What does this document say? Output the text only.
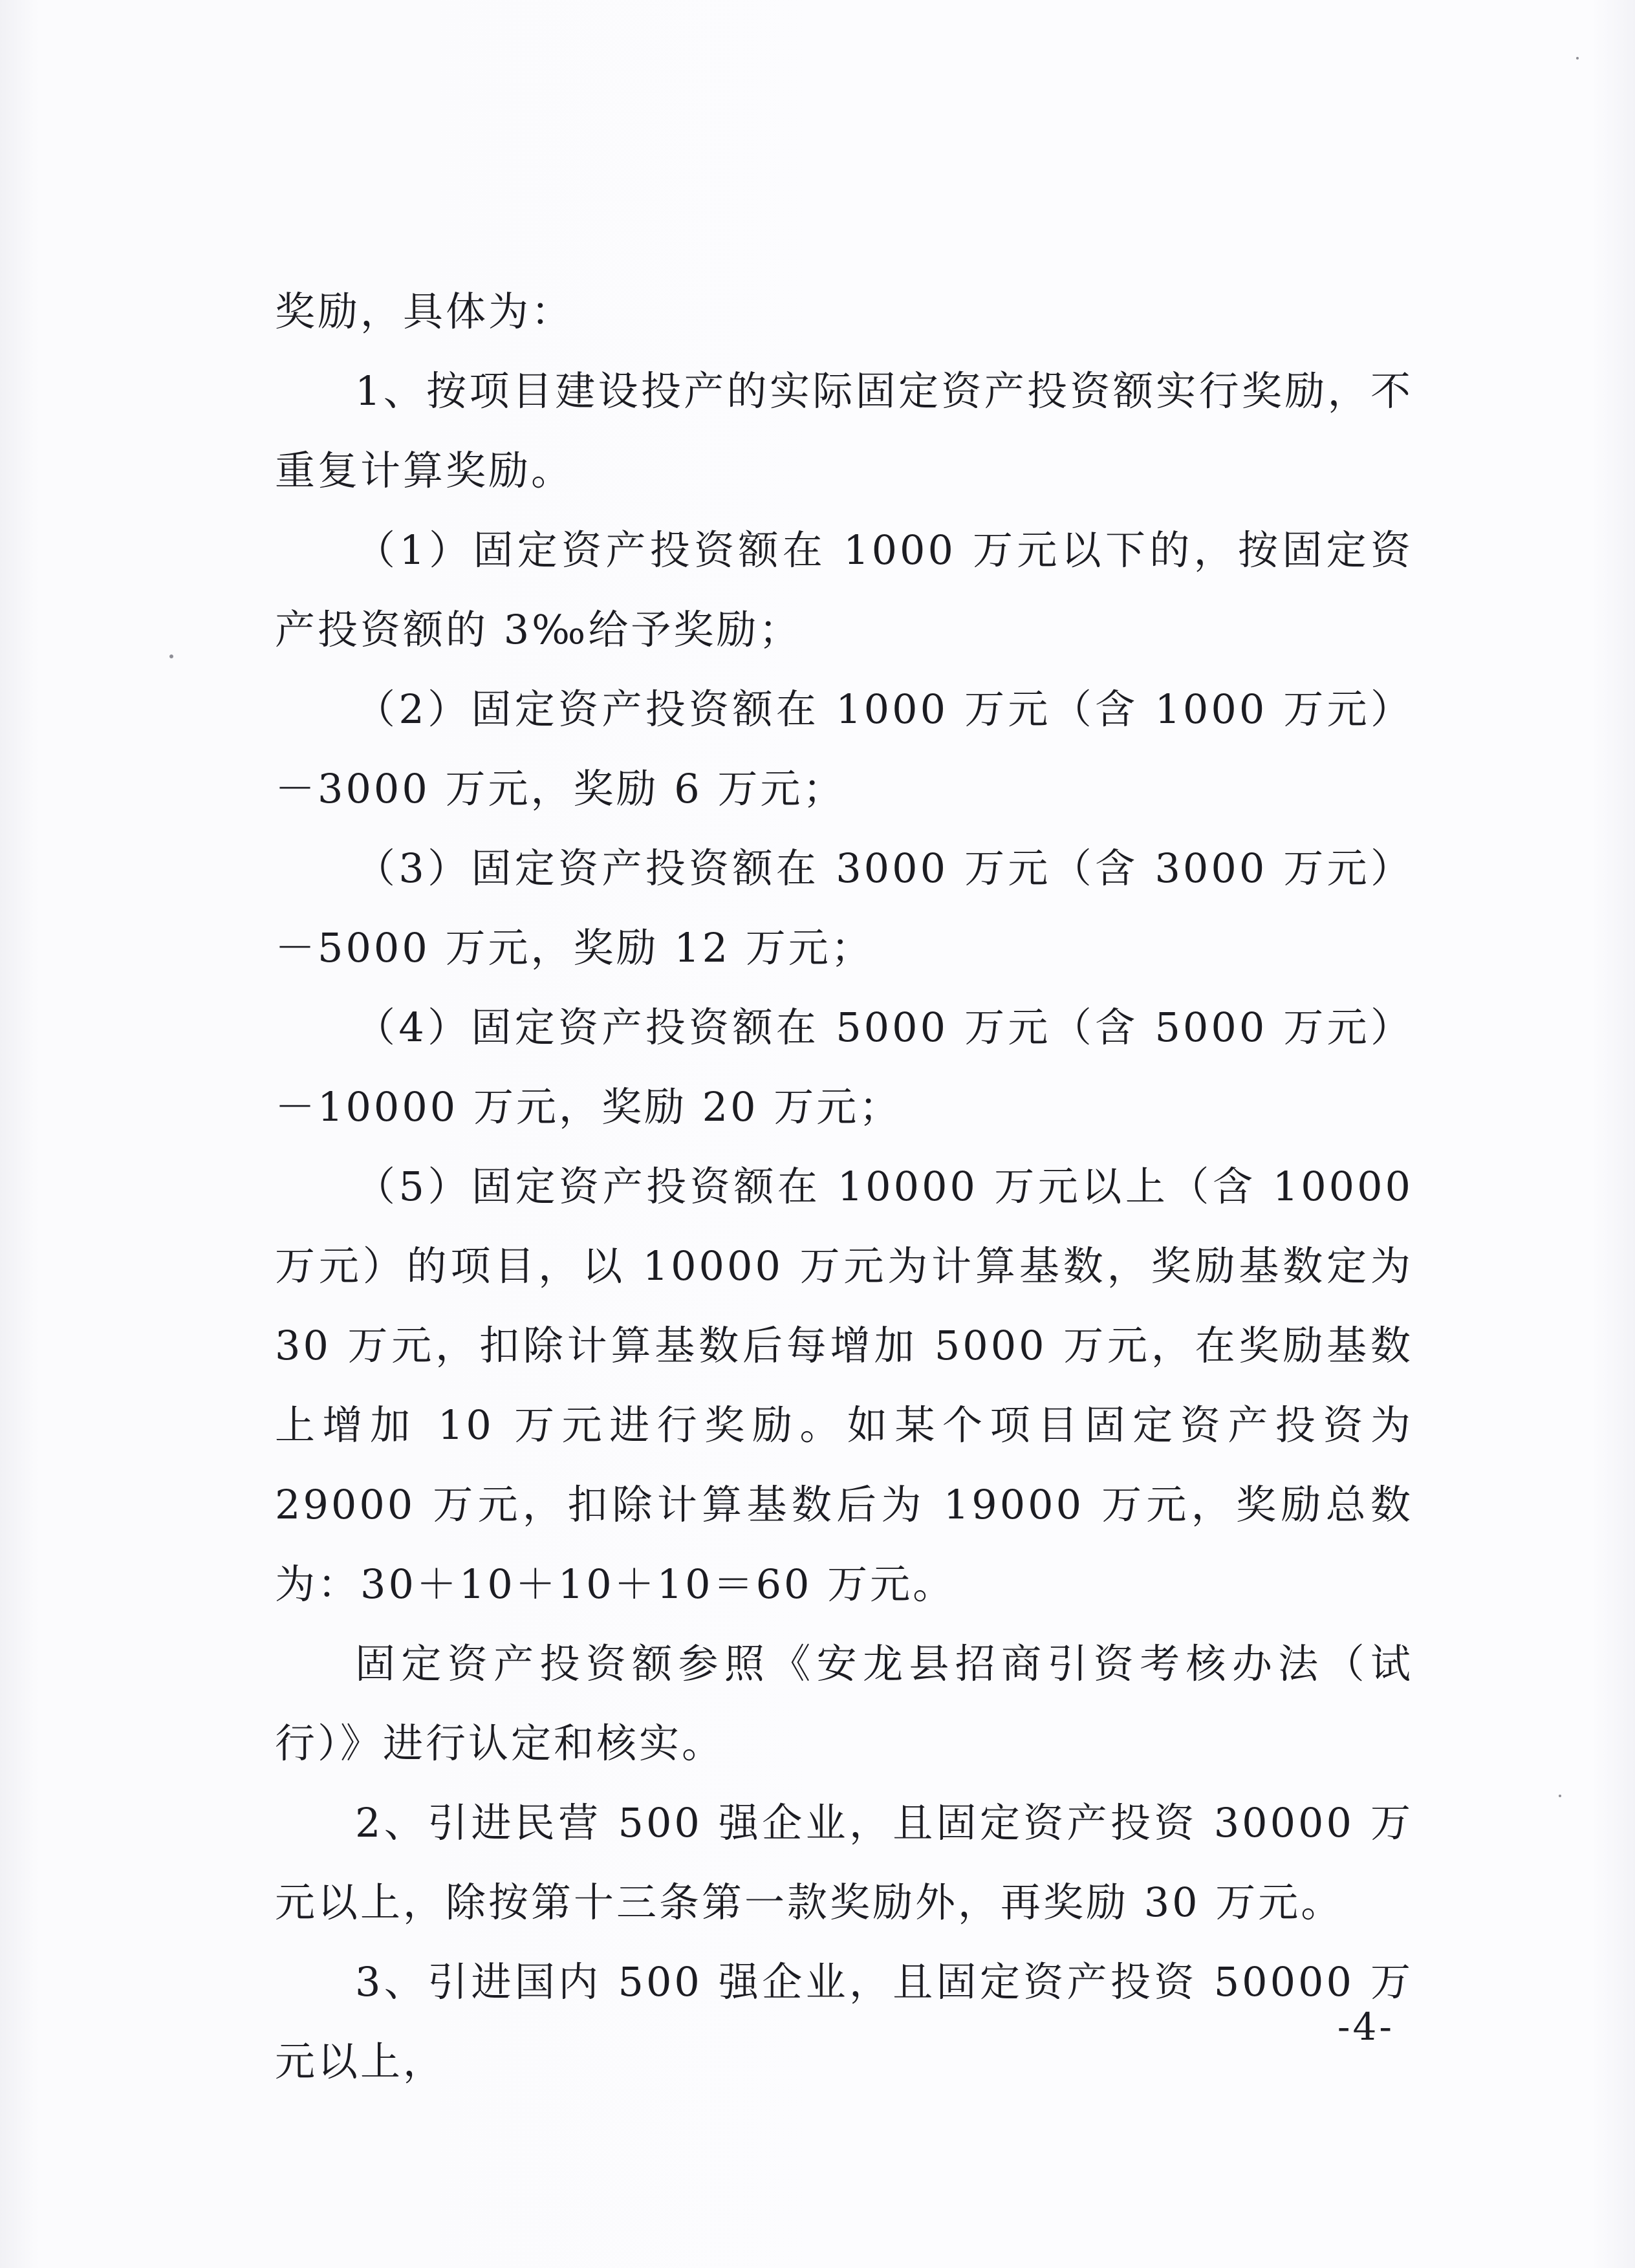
奖励，具体为：

1、按项目建设投产的实际固定资产投资额实行奖励，不重复计算奖励。

（1）固定资产投资额在 1000 万元以下的，按固定资产投资额的 3‰给予奖励；

（2）固定资产投资额在 1000 万元（含 1000 万元）－3000 万元，奖励 6 万元；

（3）固定资产投资额在 3000 万元（含 3000 万元）－5000 万元，奖励 12 万元；

（4）固定资产投资额在 5000 万元（含 5000 万元）－10000 万元，奖励 20 万元；

（5）固定资产投资额在 10000 万元以上（含 10000 万元）的项目，以 10000 万元为计算基数，奖励基数定为 30 万元，扣除计算基数后每增加 5000 万元，在奖励基数上增加 10 万元进行奖励。如某个项目固定资产投资为 29000 万元，扣除计算基数后为 19000 万元，奖励总数为：30＋10＋10＋10＝60 万元。

固定资产投资额参照《安龙县招商引资考核办法（试行）》进行认定和核实。

2、引进民营 500 强企业，且固定资产投资 30000 万元以上，除按第十三条第一款奖励外，再奖励 30 万元。

3、引进国内 500 强企业，且固定资产投资 50000 万元以上，

-4-
